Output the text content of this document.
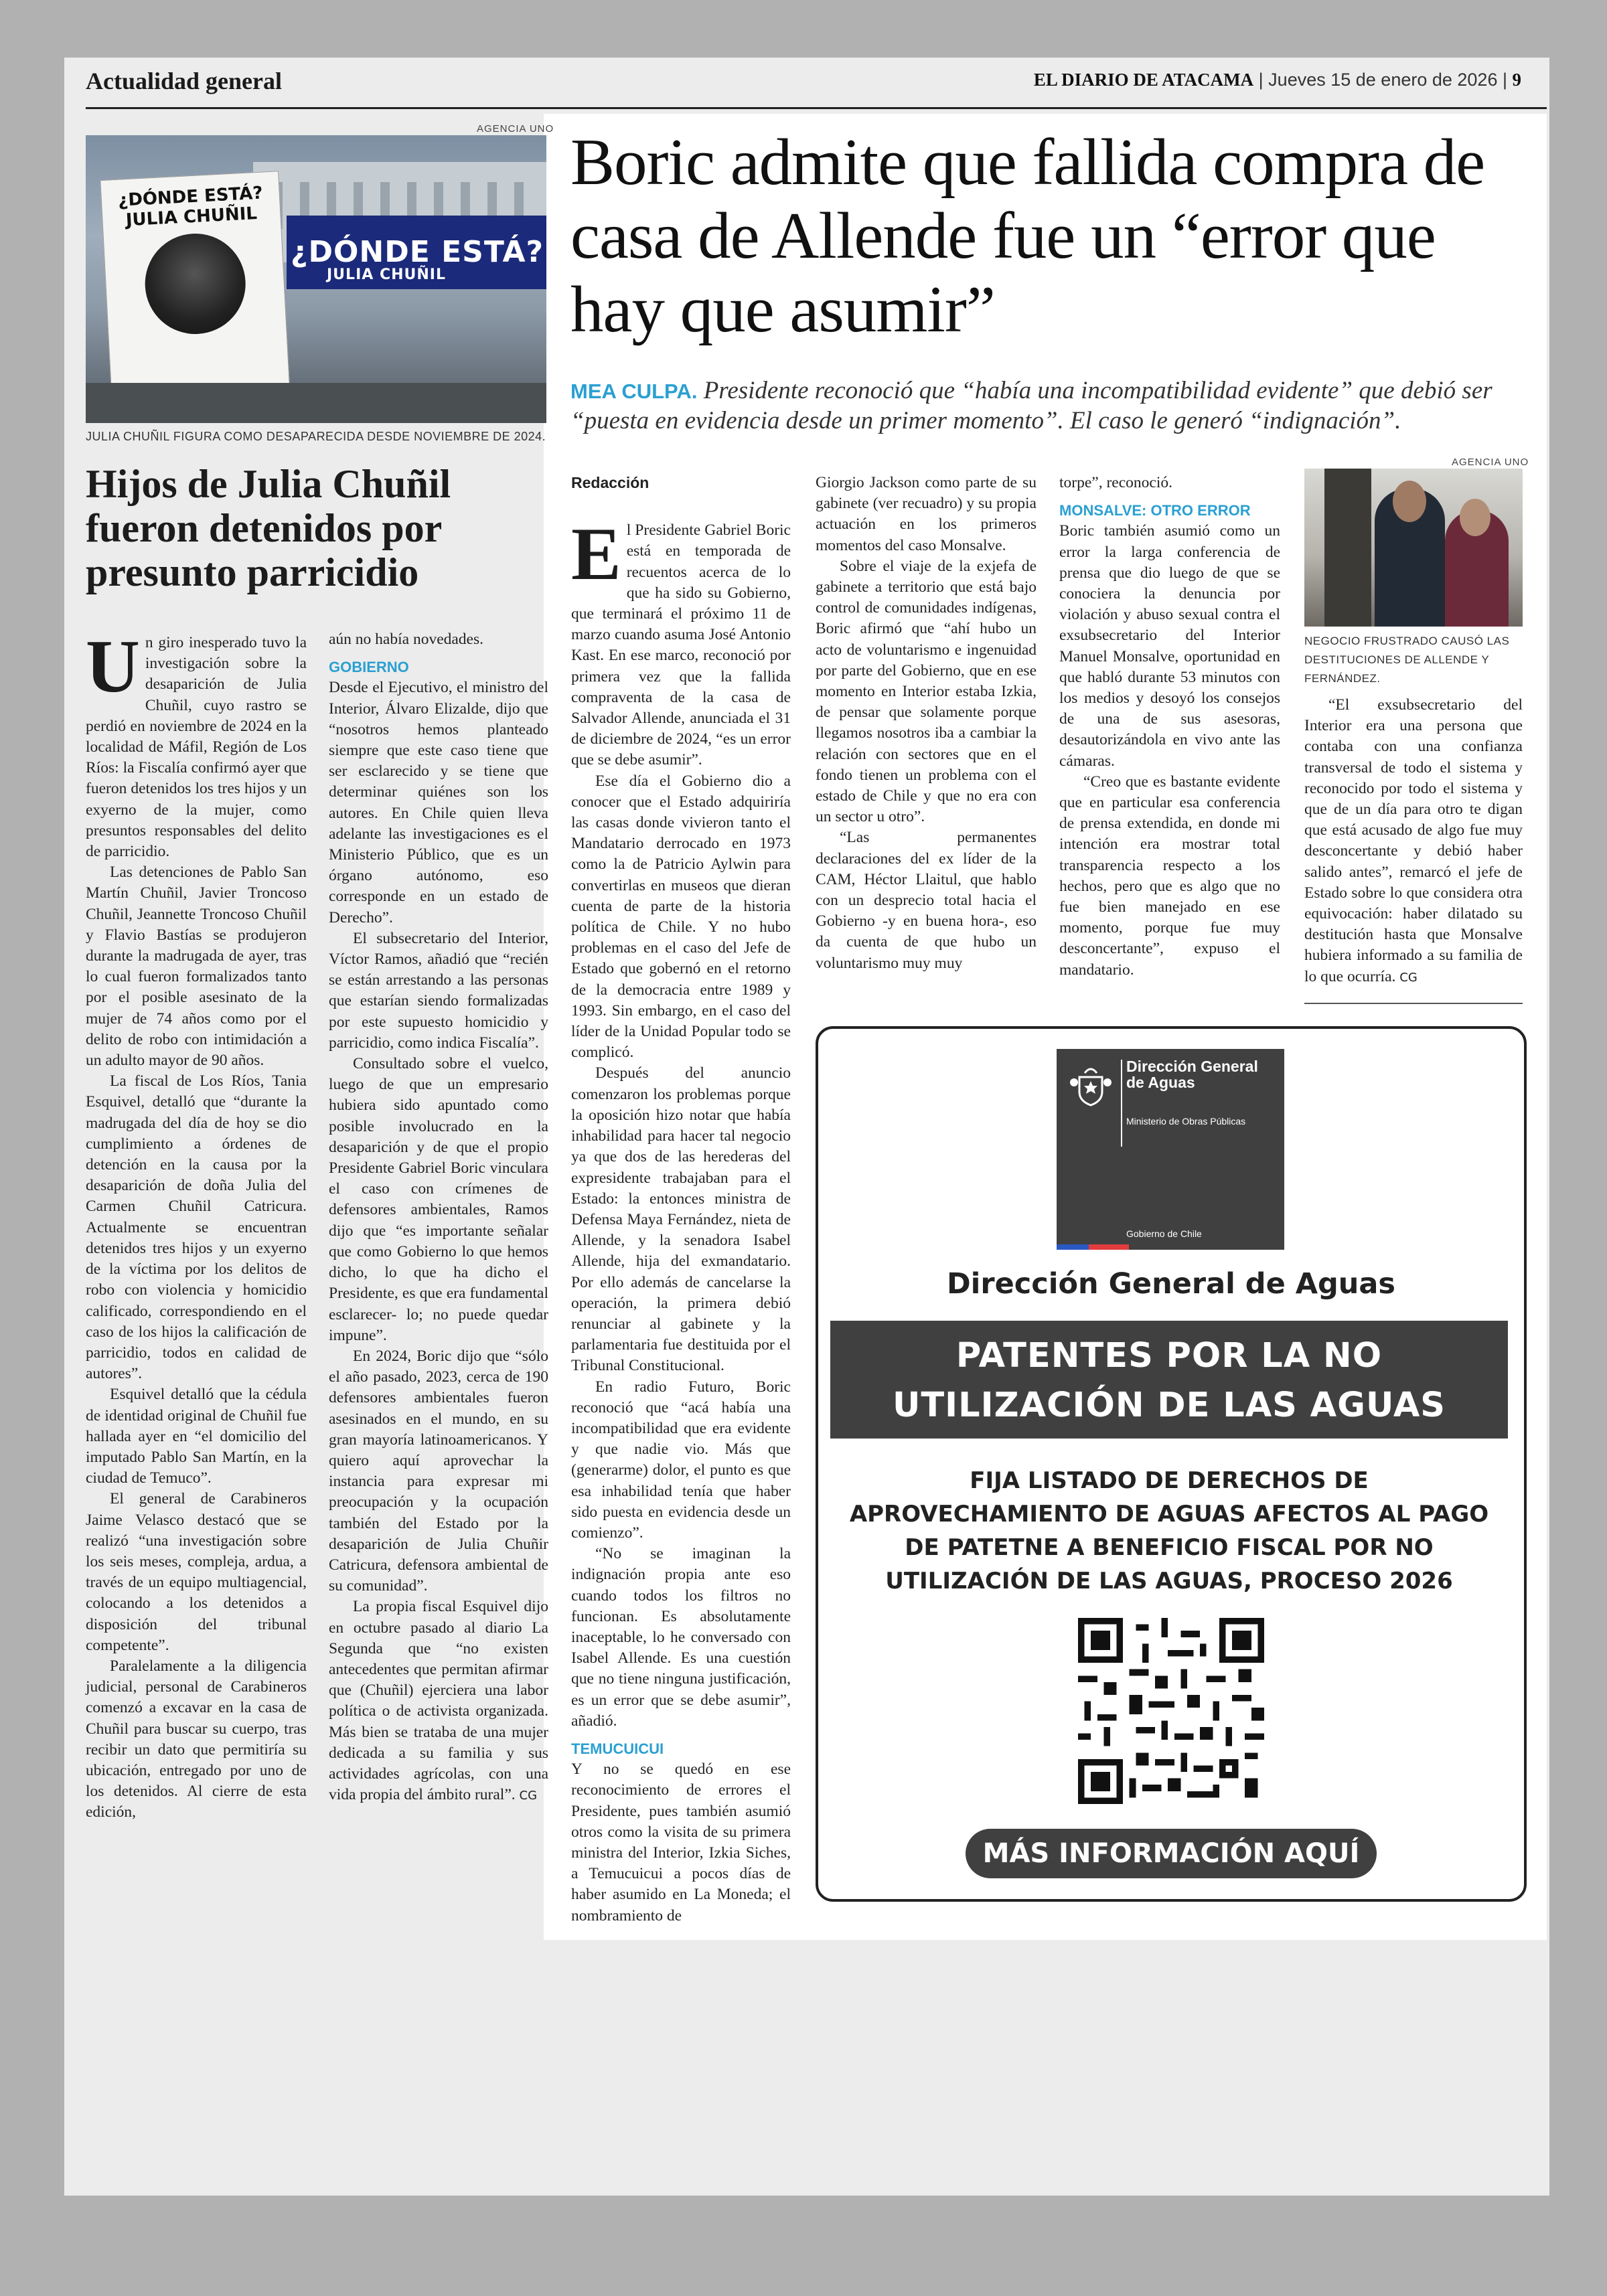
Actualidad general	EL DIARIO DE ATACAMA | Jueves 15 de enero de 2026 | 9
AGENCIA UNO
¿DÓNDE ESTÁ?
JULIA CHUÑIL
¿DÓNDE ESTÁ? JULIA CHUÑIL
JULIA CHUÑIL FIGURA COMO DESAPARECIDA DESDE NOVIEMBRE DE 2024.
Hijos de Julia Chuñil fueron detenidos por presunto parricidio

Un giro inesperado tuvo la investigación sobre la desaparición de Julia Chuñil, cuyo rastro se perdió en noviembre de 2024 en la localidad de Máfil, Región de Los Ríos: la Fiscalía confirmó ayer que fueron detenidos los tres hijos y un exyerno de la mujer, como presuntos responsables del delito de parricidio.

Las detenciones de Pablo San Martín Chuñil, Javier Troncoso Chuñil, Jeannette Troncoso Chuñil y Flavio Bastías se produjeron durante la madrugada de ayer, tras lo cual fueron formalizados tanto por el posible asesinato de la mujer de 74 años como por el delito de robo con intimidación a un adulto mayor de 90 años.

La fiscal de Los Ríos, Tania Esquivel, detalló que “durante la madrugada del día de hoy se dio cumplimiento a órdenes de detención en la causa por la desaparición de doña Julia del Carmen Chuñil Catricura. Actualmente se encuentran detenidos tres hijos y un exyerno de la víctima por los delitos de robo con violencia y homicidio calificado, correspondiendo en el caso de los hijos la calificación de parricidio, todos en calidad de autores”.

Esquivel detalló que la cédula de identidad original de Chuñil fue hallada ayer en “el domicilio del imputado Pablo San Martín, en la ciudad de Temuco”.

El general de Carabineros Jaime Velasco destacó que se realizó “una investigación sobre los seis meses, compleja, ardua, a través de un equipo multiagencial, colocando a los detenidos a disposición del tribunal competente”.

Paralelamente a la diligencia judicial, personal de Carabineros comenzó a excavar en la casa de Chuñil para buscar su cuerpo, tras recibir un dato que permitiría su ubicación, entregado por uno de los detenidos. Al cierre de esta edición,

aún no había novedades.

GOBIERNO

Desde el Ejecutivo, el ministro del Interior, Álvaro Elizalde, dijo que “nosotros hemos planteado siempre que este caso tiene que ser esclarecido y se tiene que determinar quiénes son los autores. En Chile quien lleva adelante las investigaciones es el Ministerio Público, que es un órgano autónomo, eso corresponde en un estado de Derecho”.

El subsecretario del Interior, Víctor Ramos, añadió que “recién se están arrestando a las personas que estarían siendo formalizadas por este supuesto homicidio y parricidio, como indica Fiscalía”.

Consultado sobre el vuelco, luego de que un empresario hubiera sido apuntado como posible involucrado en la desaparición y de que el propio Presidente Gabriel Boric vinculara el caso con crímenes de defensores ambientales, Ramos dijo que “es importante señalar que como Gobierno lo que hemos dicho, lo que ha dicho el Presidente, es que era fundamental esclarecer- lo; no puede quedar impune”.

En 2024, Boric dijo que “sólo el año pasado, 2023, cerca de 190 defensores ambientales fueron asesinados en el mundo, en su gran mayoría latinoamericanos. Y quiero aquí aprovechar la instancia para expresar mi preocupación y la ocupación también del Estado por la desaparición de Julia Chuñir Catricura, defensora ambiental de su comunidad”.

La propia fiscal Esquivel dijo en octubre pasado al diario La Segunda que “no existen antecedentes que permitan afirmar que (Chuñil) ejerciera una labor política o de activista organizada. Más bien se trataba de una mujer dedicada a su familia y sus actividades agrícolas, con una vida propia del ámbito rural”. CG

Boric admite que fallida compra de casa de Allende fue un “error que hay que asumir”
MEA CULPA. Presidente reconoció que “había una incompatibilidad evidente” que debió ser “puesta en evidencia desde un primer momento”. El caso le generó “indignación”.

Redacción

El Presidente Gabriel Boric está en temporada de recuentos acerca de lo que ha sido su Gobierno, que terminará el próximo 11 de marzo cuando asuma José Antonio Kast. En ese marco, reconoció por primera vez que la fallida compraventa de la casa de Salvador Allende, anunciada el 31 de diciembre de 2024, “es un error que se debe asumir”.

Ese día el Gobierno dio a conocer que el Estado adquiriría las casas donde vivieron tanto el Mandatario derrocado en 1973 como la de Patricio Aylwin para convertirlas en museos que dieran cuenta de parte de la historia política de Chile. Y no hubo problemas en el caso del Jefe de Estado que gobernó en el retorno de la democracia entre 1989 y 1993. Sin embargo, en el caso del líder de la Unidad Popular todo se complicó.

Después del anuncio comenzaron los problemas porque la oposición hizo notar que había inhabilidad para hacer tal negocio ya que dos de las herederas del expresidente trabajaban para el Estado: la entonces ministra de Defensa Maya Fernández, nieta de Allende, y la senadora Isabel Allende, hija del exmandatario. Por ello además de cancelarse la operación, la primera debió renunciar al gabinete y la parlamentaria fue destituida por el Tribunal Constitucional.

En radio Futuro, Boric reconoció que “acá había una incompatibilidad que era evidente y que nadie vio. Más que (generarme) dolor, el punto es que esa inhabilidad tenía que haber sido puesta en evidencia desde un comienzo”.

“No se imaginan la indignación propia ante eso cuando todos los filtros no funcionan. Es absolutamente inaceptable, lo he conversado con Isabel Allende. Es una cuestión que no tiene ninguna justificación, es un error que se debe asumir”, añadió.

TEMUCUICUI

Y no se quedó en ese reconocimiento de errores el Presidente, pues también asumió otros como la visita de su primera ministra del Interior, Izkia Siches, a Temucuicui a pocos días de haber asumido en La Moneda; el nombramiento de

Giorgio Jackson como parte de su gabinete (ver recuadro) y su propia actuación en los primeros momentos del caso Monsalve.

Sobre el viaje de la exjefa de gabinete a territorio que está bajo control de comunidades indígenas, Boric afirmó que “ahí hubo un acto de voluntarismo e ingenuidad por parte del Gobierno, que en ese momento en Interior estaba Izkia, de pensar que solamente porque llegamos nosotros iba a cambiar la relación con sectores que en el fondo tienen un problema con el estado de Chile y que no era con un sector u otro”.

“Las permanentes declaraciones del ex líder de la CAM, Héctor Llaitul, que hablo con un desprecio total hacia el Gobierno -y en buena hora-, eso da cuenta de que hubo un voluntarismo muy muy

torpe”, reconoció.

MONSALVE: OTRO ERROR

Boric también asumió como un error la larga conferencia de prensa que dio luego de que se conociera la denuncia por violación y abuso sexual contra el exsubsecretario del Interior Manuel Monsalve, oportunidad en que habló durante 53 minutos con los medios y desoyó los consejos de una de sus asesoras, desautorizándola en vivo ante las cámaras.

“Creo que es bastante evidente que en particular esa conferencia de prensa extendida, en donde mi intención era mostrar total transparencia respecto a los hechos, pero que es algo que no fue bien manejado en ese momento, porque fue muy desconcertante”, expuso el mandatario.

AGENCIA UNO
NEGOCIO FRUSTRADO CAUSÓ LAS DESTITUCIONES DE ALLENDE Y FERNÁNDEZ.

“El exsubsecretario del Interior era una persona que contaba con una confianza transversal de todo el sistema y reconocido por todo el sistema y que de un día para otro te digan que está acusado de algo fue muy desconcertante y debió haber salido antes”, remarcó el jefe de Estado sobre lo que considera otra equivocación: haber dilatado su destitución hasta que Monsalve hubiera informado a su familia de lo que ocurría. CG

Dirección General de Aguas
Ministerio de Obras Públicas
Gobierno de Chile
Dirección General de Aguas
PATENTES POR LA NO UTILIZACIÓN DE LAS AGUAS
FIJA LISTADO DE DERECHOS DE APROVECHAMIENTO DE AGUAS AFECTOS AL PAGO DE PATETNE A BENEFICIO FISCAL POR NO UTILIZACIÓN DE LAS AGUAS, PROCESO 2026
MÁS INFORMACIÓN AQUÍ
